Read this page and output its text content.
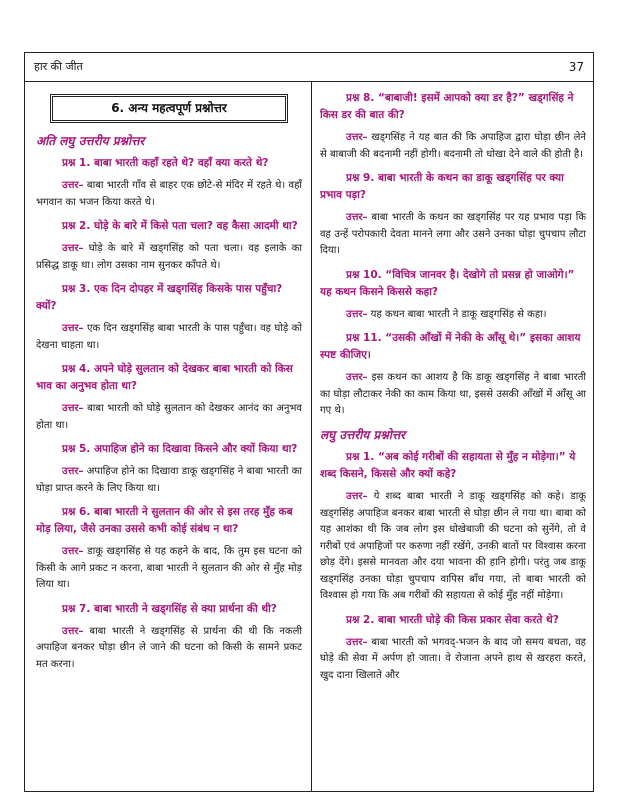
हार की जीत	37
6. अन्य महत्वपूर्ण प्रश्नोत्तर
अति लघु उत्तरीय प्रश्नोत्तर
प्रश्न 1. बाबा भारती कहाँ रहते थे? वहाँ क्या करते थे?

उत्तर– बाबा भारती गाँव से बाहर एक छोटे-से मंदिर में रहते थे। वहाँ भगवान का भजन किया करते थे।

प्रश्न 2. घोड़े के बारे में किसे पता चला? वह कैसा आदमी था?

उत्तर– घोड़े के बारे में खड्गसिंह को पता चला। वह इलाके का प्रसिद्ध डाकू था। लोग उसका नाम सुनकर काँपते थे।

प्रश्न 3. एक दिन दोपहर में खड्गसिंह किसके पास पहुँचा? क्यों?

उत्तर– एक दिन खड्गसिंह बाबा भारती के पास पहुँचा। वह घोड़े को देखना चाहता था।

प्रश्न 4. अपने घोड़े सुलतान को देखकर बाबा भारती को किस भाव का अनुभव होता था?

उत्तर– बाबा भारती को घोड़े सुलतान को देखकर आनंद का अनुभव होता था।

प्रश्न 5. अपाहिज होने का दिखावा किसने और क्यों किया था?

उत्तर– अपाहिज होने का दिखावा डाकू खड्गसिंह ने बाबा भारती का घोड़ा प्राप्त करने के लिए किया था।

प्रश्न 6. बाबा भारती ने सुलतान की ओर से इस तरह मुँह कब मोड़ लिया, जैसे उनका उससे कभी कोई संबंध न था?

उत्तर– डाकू खड्गसिंह से यह कहने के बाद, कि तुम इस घटना को किसी के आगे प्रकट न करना, बाबा भारती ने सुलतान की ओर से मुँह मोड़ लिया था।

प्रश्न 7. बाबा भारती ने खड्गसिंह से क्या प्रार्थना की थी?

उत्तर– बाबा भारती ने खड्गसिंह से प्रार्थना की थी कि नकली अपाहिज बनकर घोड़ा छीन ले जाने की घटना को किसी के सामने प्रकट मत करना।

प्रश्न 8. “बाबाजी! इसमें आपको क्या डर है?” खड्गसिंह ने किस डर की बात की?

उत्तर– खड्गसिंह ने यह बात की कि अपाहिज द्वारा घोड़ा छीन लेने से बाबाजी की बदनामी नहीं होगी। बदनामी तो धोखा देने वाले की होती है।

प्रश्न 9. बाबा भारती के कथन का डाकू खड्गसिंह पर क्या प्रभाव पड़ा?

उत्तर– बाबा भारती के कथन का खड्गसिंह पर यह प्रभाव पड़ा कि वह उन्हें परोपकारी देवता मानने लगा और उसने उनका घोड़ा चुपचाप लौटा दिया।

प्रश्न 10. “विचित्र जानवर है। देखोगे तो प्रसन्न हो जाओगे।” यह कथन किसने किससे कहा?

उत्तर– यह कथन बाबा भारती ने डाकू खड्गसिंह से कहा।

प्रश्न 11. “उसकी आँखों में नेकी के आँसू थे।” इसका आशय स्पष्ट कीजिए।

उत्तर– इस कथन का आशय है कि डाकू खड्गसिंह ने बाबा भारती का घोड़ा लौटाकर नेकी का काम किया था, इससे उसकी आँखों में आँसू आ गए थे।

लघु उत्तरीय प्रश्नोत्तर
प्रश्न 1. “अब कोई गरीबों की सहायता से मुँह न मोड़ेगा।” ये शब्द किसने, किससे और क्यों कहे?

उत्तर– ये शब्द बाबा भारती ने डाकू खड्गसिंह को कहे। डाकू खड्गसिंह अपाहिज बनकर बाबा भारती से घोड़ा छीन ले गया था। बाबा को यह आशंका थी कि जब लोग इस धोखेबाजी की घटना को सुनेंगे, तो वे गरीबों एवं अपाहिजों पर करुणा नहीं रखेंगे, उनकी बातों पर विश्वास करना छोड़ देंगे। इससे मानवता और दया भावना की हानि होगी। परंतु जब डाकू खड्गसिंह उनका घोड़ा चुपचाप वापिस बाँध गया, तो बाबा भारती को विश्वास हो गया कि अब गरीबों की सहायता से कोई मुँह नहीं मोड़ेगा।

प्रश्न 2. बाबा भारती घोड़े की किस प्रकार सेवा करते थे?

उत्तर– बाबा भारती को भगवद्-भजन के बाद जो समय बचता, वह घोड़े की सेवा में अर्पण हो जाता। वे रोजाना अपने हाथ से खरहरा करते, खुद दाना खिलाते और
